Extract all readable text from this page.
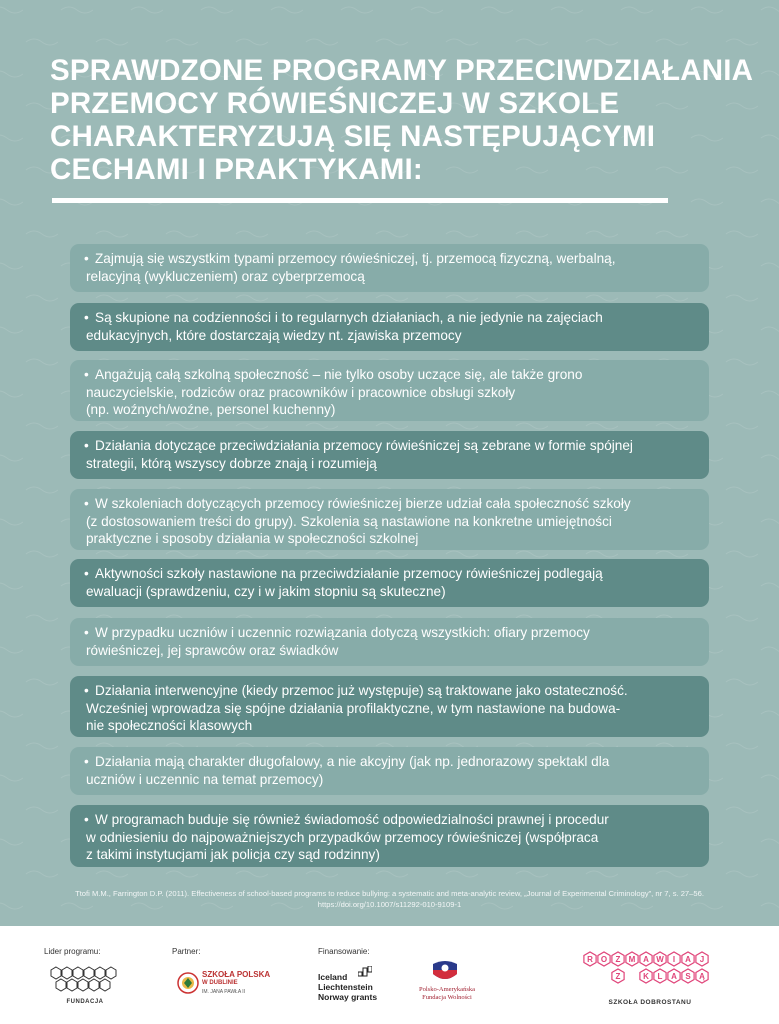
SPRAWDZONE PROGRAMY PRZECIWDZIAŁANIA
PRZEMOCY RÓWIEŚNICZEJ W SZKOLE
CHARAKTERYZUJĄ SIĘ NASTĘPUJĄCYMI
CECHAMI I PRAKTYKAMI:
• Zajmują się wszystkim typami przemocy rówieśniczej, tj. przemocą fizyczną, werbalną,
relacyjną (wykluczeniem) oraz cyberprzemocą
• Są skupione na codzienności i to regularnych działaniach, a nie jedynie na zajęciach
edukacyjnych, które dostarczają wiedzy nt. zjawiska przemocy
• Angażują całą szkolną społeczność – nie tylko osoby uczące się, ale także grono
nauczycielskie, rodziców oraz pracowników i pracownice obsługi szkoły
(np. woźnych/woźne, personel kuchenny)
• Działania dotyczące przeciwdziałania przemocy rówieśniczej są zebrane w formie spójnej
strategii, którą wszyscy dobrze znają i rozumieją
• W szkoleniach dotyczących przemocy rówieśniczej bierze udział cała społeczność szkoły
(z dostosowaniem treści do grupy). Szkolenia są nastawione na konkretne umiejętności
praktyczne i sposoby działania w społeczności szkolnej
• Aktywności szkoły nastawione na przeciwdziałanie przemocy rówieśniczej podlegają
ewaluacji (sprawdzeniu, czy i w jakim stopniu są skuteczne)
• W przypadku uczniów i uczennic rozwiązania dotyczą wszystkich: ofiary przemocy
rówieśniczej, jej sprawców oraz świadków
• Działania interwencyjne (kiedy przemoc już występuje) są traktowane jako ostateczność.
Wcześniej wprowadza się spójne działania profilaktyczne, w tym nastawione na budowa-
nie społeczności klasowych
• Działania mają charakter długofalowy, a nie akcyjny (jak np. jednorazowy spektakl dla
uczniów i uczennic na temat przemocy)
• W programach buduje się również świadomość odpowiedzialności prawnej i procedur
w odniesieniu do najpoważniejszych przypadków przemocy rówieśniczej (współpraca
z takimi instytucjami jak policja czy sąd rodzinny)
Ttofi M.M., Farrington D.P. (2011). Effectiveness of school-based programs to reduce bullying: a systematic and meta-analytic review, „Journal of Experimental Criminology”, nr 7, s. 27–56.
https://doi.org/10.1007/s11292-010-9109-1
Lider programu:	Partner:	Finansowanie:
FUNDACJA
SZKOŁA POLSKA
W DUBLINIE
IM. JANA PAWŁA II
Iceland
Liechtenstein
Norway grants
Polsko-Amerykańska
Fundacja Wolności
R O Z M A W I A J
Z	K L A S Ą
SZKOŁA DOBROSTANU
